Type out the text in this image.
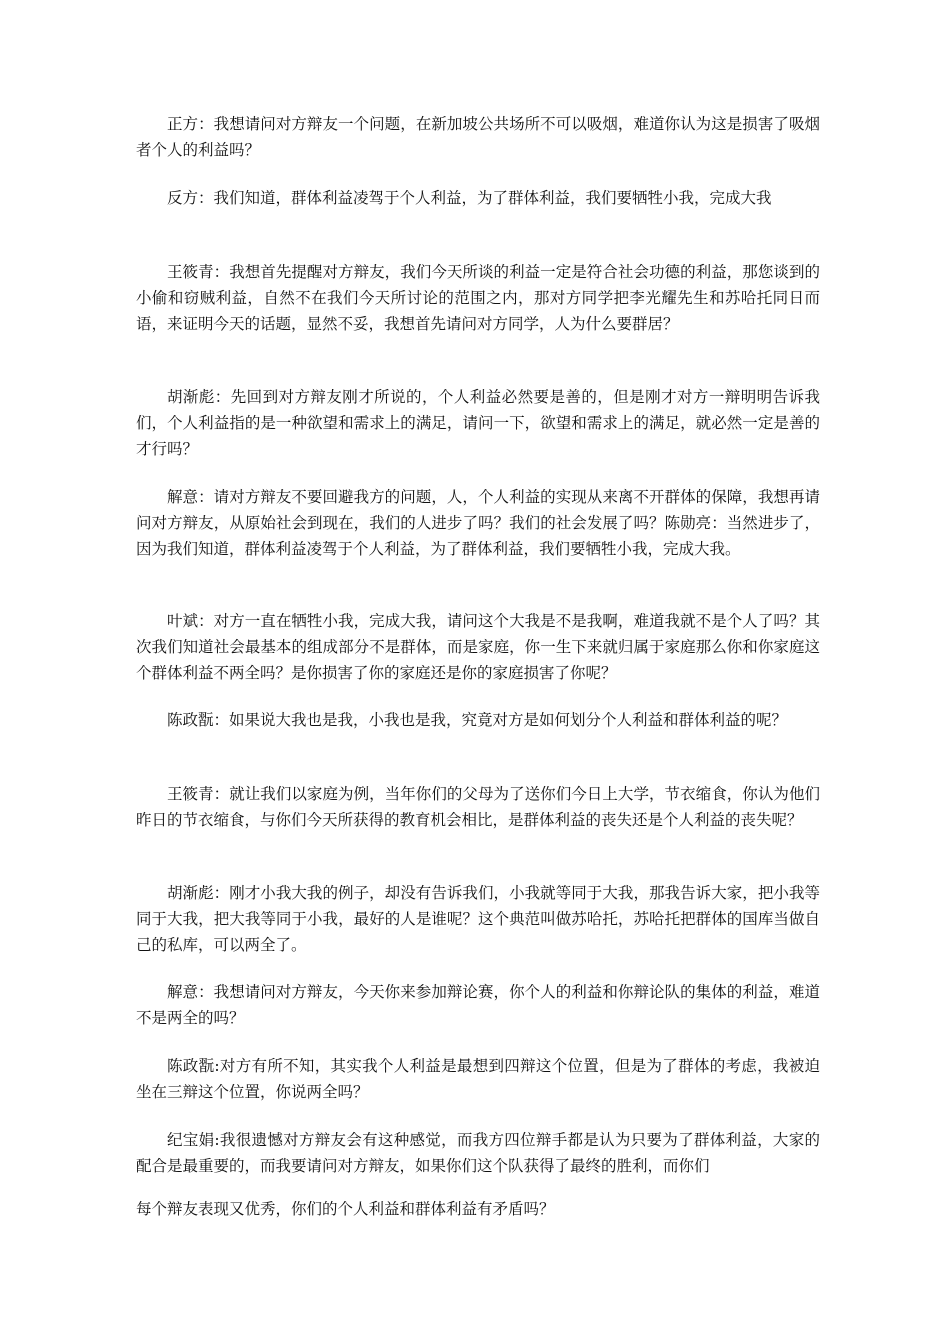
正方：我想请问对方辩友一个问题，在新加坡公共场所不可以吸烟，难道你认为这是损害了吸烟者个人的利益吗？

反方：我们知道，群体利益凌驾于个人利益，为了群体利益，我们要牺牲小我，完成大我

王筱青：我想首先提醒对方辩友，我们今天所谈的利益一定是符合社会功德的利益，那您谈到的小偷和窃贼利益，自然不在我们今天所讨论的范围之内，那对方同学把李光耀先生和苏哈托同日而语，来证明今天的话题，显然不妥，我想首先请问对方同学，人为什么要群居？

胡渐彪：先回到对方辩友刚才所说的，个人利益必然要是善的，但是刚才对方一辩明明告诉我们，个人利益指的是一种欲望和需求上的满足，请问一下，欲望和需求上的满足，就必然一定是善的才行吗？

解意：请对方辩友不要回避我方的问题，人，个人利益的实现从来离不开群体的保障，我想再请问对方辩友，从原始社会到现在，我们的人进步了吗？我们的社会发展了吗？陈勋亮：当然进步了，因为我们知道，群体利益凌驾于个人利益，为了群体利益，我们要牺牲小我，完成大我。

叶斌：对方一直在牺牲小我，完成大我，请问这个大我是不是我啊，难道我就不是个人了吗？其次我们知道社会最基本的组成部分不是群体，而是家庭，你一生下来就归属于家庭那么你和你家庭这个群体利益不两全吗？是你损害了你的家庭还是你的家庭损害了你呢？

陈政翫：如果说大我也是我，小我也是我，究竟对方是如何划分个人利益和群体利益的呢？

王筱青：就让我们以家庭为例，当年你们的父母为了送你们今日上大学，节衣缩食，你认为他们昨日的节衣缩食，与你们今天所获得的教育机会相比，是群体利益的丧失还是个人利益的丧失呢？

胡渐彪：刚才小我大我的例子，却没有告诉我们，小我就等同于大我，那我告诉大家，把小我等同于大我，把大我等同于小我，最好的人是谁呢？这个典范叫做苏哈托，苏哈托把群体的国库当做自己的私库，可以两全了。

解意：我想请问对方辩友，今天你来参加辩论赛，你个人的利益和你辩论队的集体的利益，难道不是两全的吗？

陈政翫:对方有所不知，其实我个人利益是最想到四辩这个位置，但是为了群体的考虑，我被迫坐在三辩这个位置，你说两全吗？

纪宝娟:我很遗憾对方辩友会有这种感觉，而我方四位辩手都是认为只要为了群体利益，大家的配合是最重要的，而我要请问对方辩友，如果你们这个队获得了最终的胜利，而你们

每个辩友表现又优秀，你们的个人利益和群体利益有矛盾吗？
